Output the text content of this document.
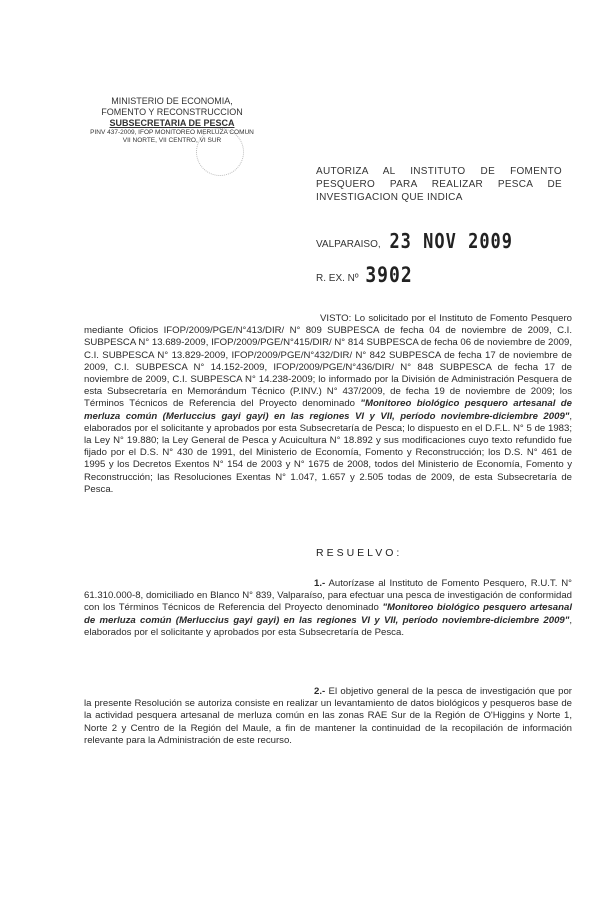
MINISTERIO DE ECONOMIA,
FOMENTO Y RECONSTRUCCION
SUBSECRETARIA DE PESCA
PINV 437-2009, IFOP MONITOREO MERLUZA COMUN
VII NORTE, VII CENTRO, VI SUR
AUTORIZA AL INSTITUTO DE FOMENTO
PESQUERO PARA REALIZAR PESCA DE
INVESTIGACION QUE INDICA
VALPARAISO, 23 NOV 2009
R. EX. Nº 3902
VISTO: Lo solicitado por el Instituto de Fomento Pesquero mediante Oficios IFOP/2009/PGE/N°413/DIR/ N° 809 SUBPESCA de fecha 04 de noviembre de 2009, C.I. SUBPESCA N° 13.689-2009, IFOP/2009/PGE/N°415/DIR/ N° 814 SUBPESCA de fecha 06 de noviembre de 2009, C.I. SUBPESCA N° 13.829-2009, IFOP/2009/PGE/N°432/DIR/ N° 842 SUBPESCA de fecha 17 de noviembre de 2009, C.I. SUBPESCA N° 14.152-2009, IFOP/2009/PGE/N°436/DIR/ N° 848 SUBPESCA de fecha 17 de noviembre de 2009, C.I. SUBPESCA N° 14.238-2009; lo informado por la División de Administración Pesquera de esta Subsecretaría en Memorándum Técnico (P.INV.) N° 437/2009, de fecha 19 de noviembre de 2009; los Términos Técnicos de Referencia del Proyecto denominado "Monitoreo biológico pesquero artesanal de merluza común (Merluccius gayi gayi) en las regiones VI y VII, período noviembre-diciembre 2009", elaborados por el solicitante y aprobados por esta Subsecretaría de Pesca; lo dispuesto en el D.F.L. N° 5 de 1983; la Ley N° 19.880; la Ley General de Pesca y Acuicultura N° 18.892 y sus modificaciones cuyo texto refundido fue fijado por el D.S. N° 430 de 1991, del Ministerio de Economía, Fomento y Reconstrucción; los D.S. N° 461 de 1995 y los Decretos Exentos N° 154 de 2003 y N° 1675 de 2008, todos del Ministerio de Economía, Fomento y Reconstrucción; las Resoluciones Exentas N° 1.047, 1.657 y 2.505 todas de 2009, de esta Subsecretaría de Pesca.
RESUELVO:
1.- Autorízase al Instituto de Fomento Pesquero, R.U.T. N° 61.310.000-8, domiciliado en Blanco N° 839, Valparaíso, para efectuar una pesca de investigación de conformidad con los Términos Técnicos de Referencia del Proyecto denominado "Monitoreo biológico pesquero artesanal de merluza común (Merluccius gayi gayi) en las regiones VI y VII, período noviembre-diciembre 2009", elaborados por el solicitante y aprobados por esta Subsecretaría de Pesca.
2.- El objetivo general de la pesca de investigación que por la presente Resolución se autoriza consiste en realizar un levantamiento de datos biológicos y pesqueros base de la actividad pesquera artesanal de merluza común en las zonas RAE Sur de la Región de O'Higgins y Norte 1, Norte 2 y Centro de la Región del Maule, a fin de mantener la continuidad de la recopilación de información relevante para la Administración de este recurso.
